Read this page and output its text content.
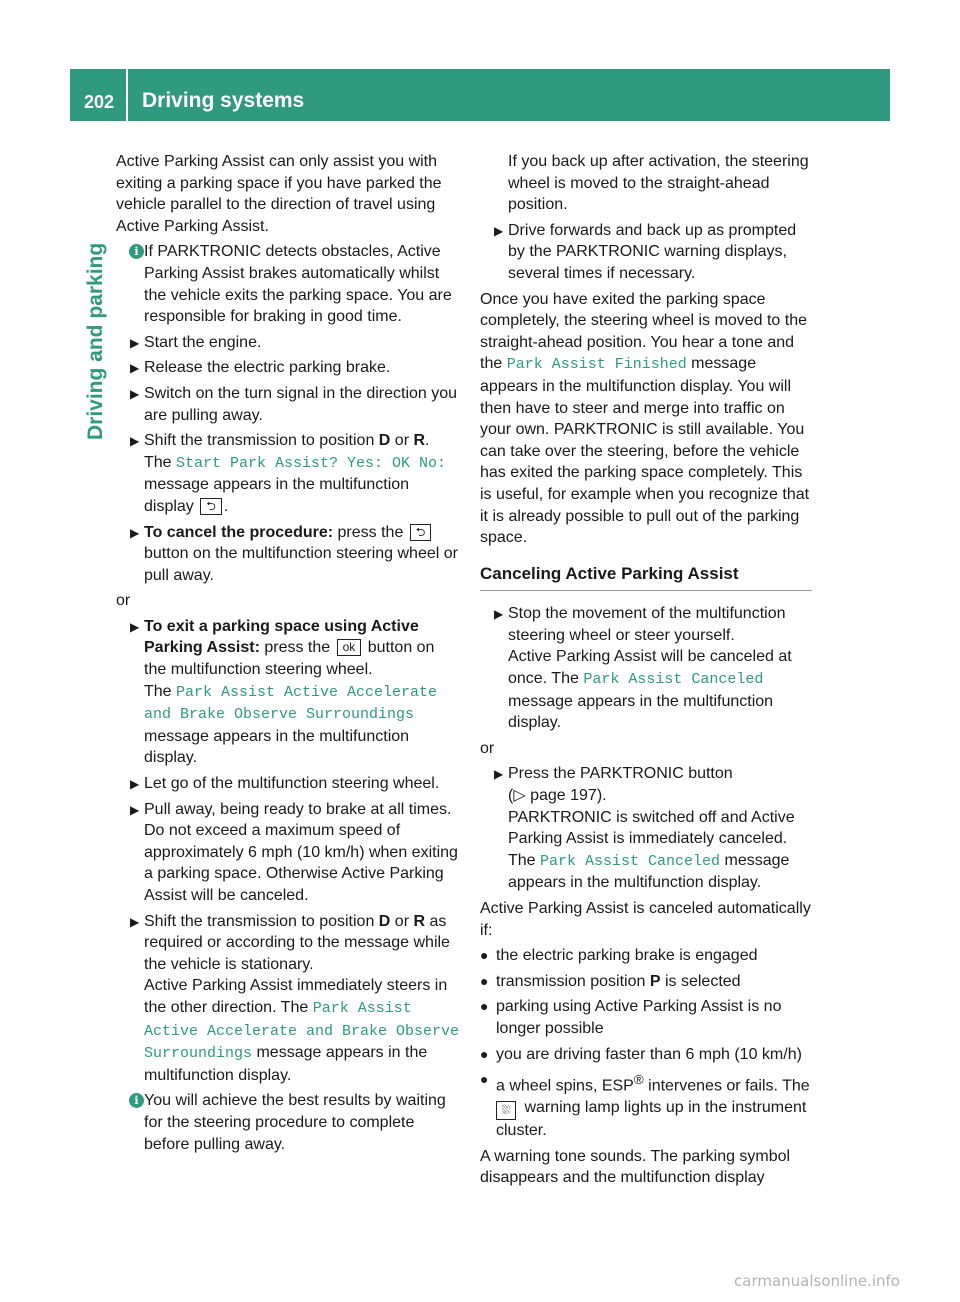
202 Driving systems
Driving and parking

Active Parking Assist can only assist you with exiting a parking space if you have parked the vehicle parallel to the direction of travel using Active Parking Assist.

i If PARKTRONIC detects obstacles, Active Parking Assist brakes automatically whilst the vehicle exits the parking space. You are responsible for braking in good time.
▶
Start the engine.
▶
Release the electric parking brake.
▶
Switch on the turn signal in the direction you are pulling away.
▶
Shift the transmission to position D or R.
The Start Park Assist? Yes: OK No:
message appears in the multifunction display ⮌ .
▶
To cancel the procedure: press the ⮌ button on the multifunction steering wheel or pull away.

or

▶
To exit a parking space using Active Parking Assist: press the ok button on the multifunction steering wheel.
The Park Assist Active Accelerate and Brake Observe Surroundings message appears in the multifunction display.
▶
Let go of the multifunction steering wheel.
▶
Pull away, being ready to brake at all times. Do not exceed a maximum speed of approximately 6 mph (10 km/h) when exiting a parking space. Otherwise Active Parking Assist will be canceled.
▶
Shift the transmission to position D or R as required or according to the message while the vehicle is stationary.
Active Parking Assist immediately steers in the other direction. The Park Assist Active Accelerate and Brake Observe Surroundings message appears in the multifunction display.
i You will achieve the best results by waiting for the steering procedure to complete before pulling away.

If you back up after activation, the steering wheel is moved to the straight-ahead position.

▶
Drive forwards and back up as prompted by the PARKTRONIC warning displays, several times if necessary.

Once you have exited the parking space completely, the steering wheel is moved to the straight-ahead position. You hear a tone and the Park Assist Finished message appears in the multifunction display. You will then have to steer and merge into traffic on your own. PARKTRONIC is still available. You can take over the steering, before the vehicle has exited the parking space completely. This is useful, for example when you recognize that it is already possible to pull out of the parking space.

Canceling Active Parking Assist
▶
Stop the movement of the multifunction steering wheel or steer yourself.
Active Parking Assist will be canceled at once. The Park Assist Canceled message appears in the multifunction display.

or

▶
Press the PARKTRONIC button
(▷ page 197).
PARKTRONIC is switched off and Active Parking Assist is immediately canceled.
The Park Assist Canceled message appears in the multifunction display.

Active Parking Assist is canceled automatically if:

● the electric parking brake is engaged
● transmission position P is selected
● parking using Active Parking Assist is no longer possible
● you are driving faster than 6 mph (10 km/h)
● a wheel spins, ESP® intervenes or fails. The ⛆ warning lamp lights up in the instrument cluster.

A warning tone sounds. The parking symbol disappears and the multifunction display

carmanualsonline.info
